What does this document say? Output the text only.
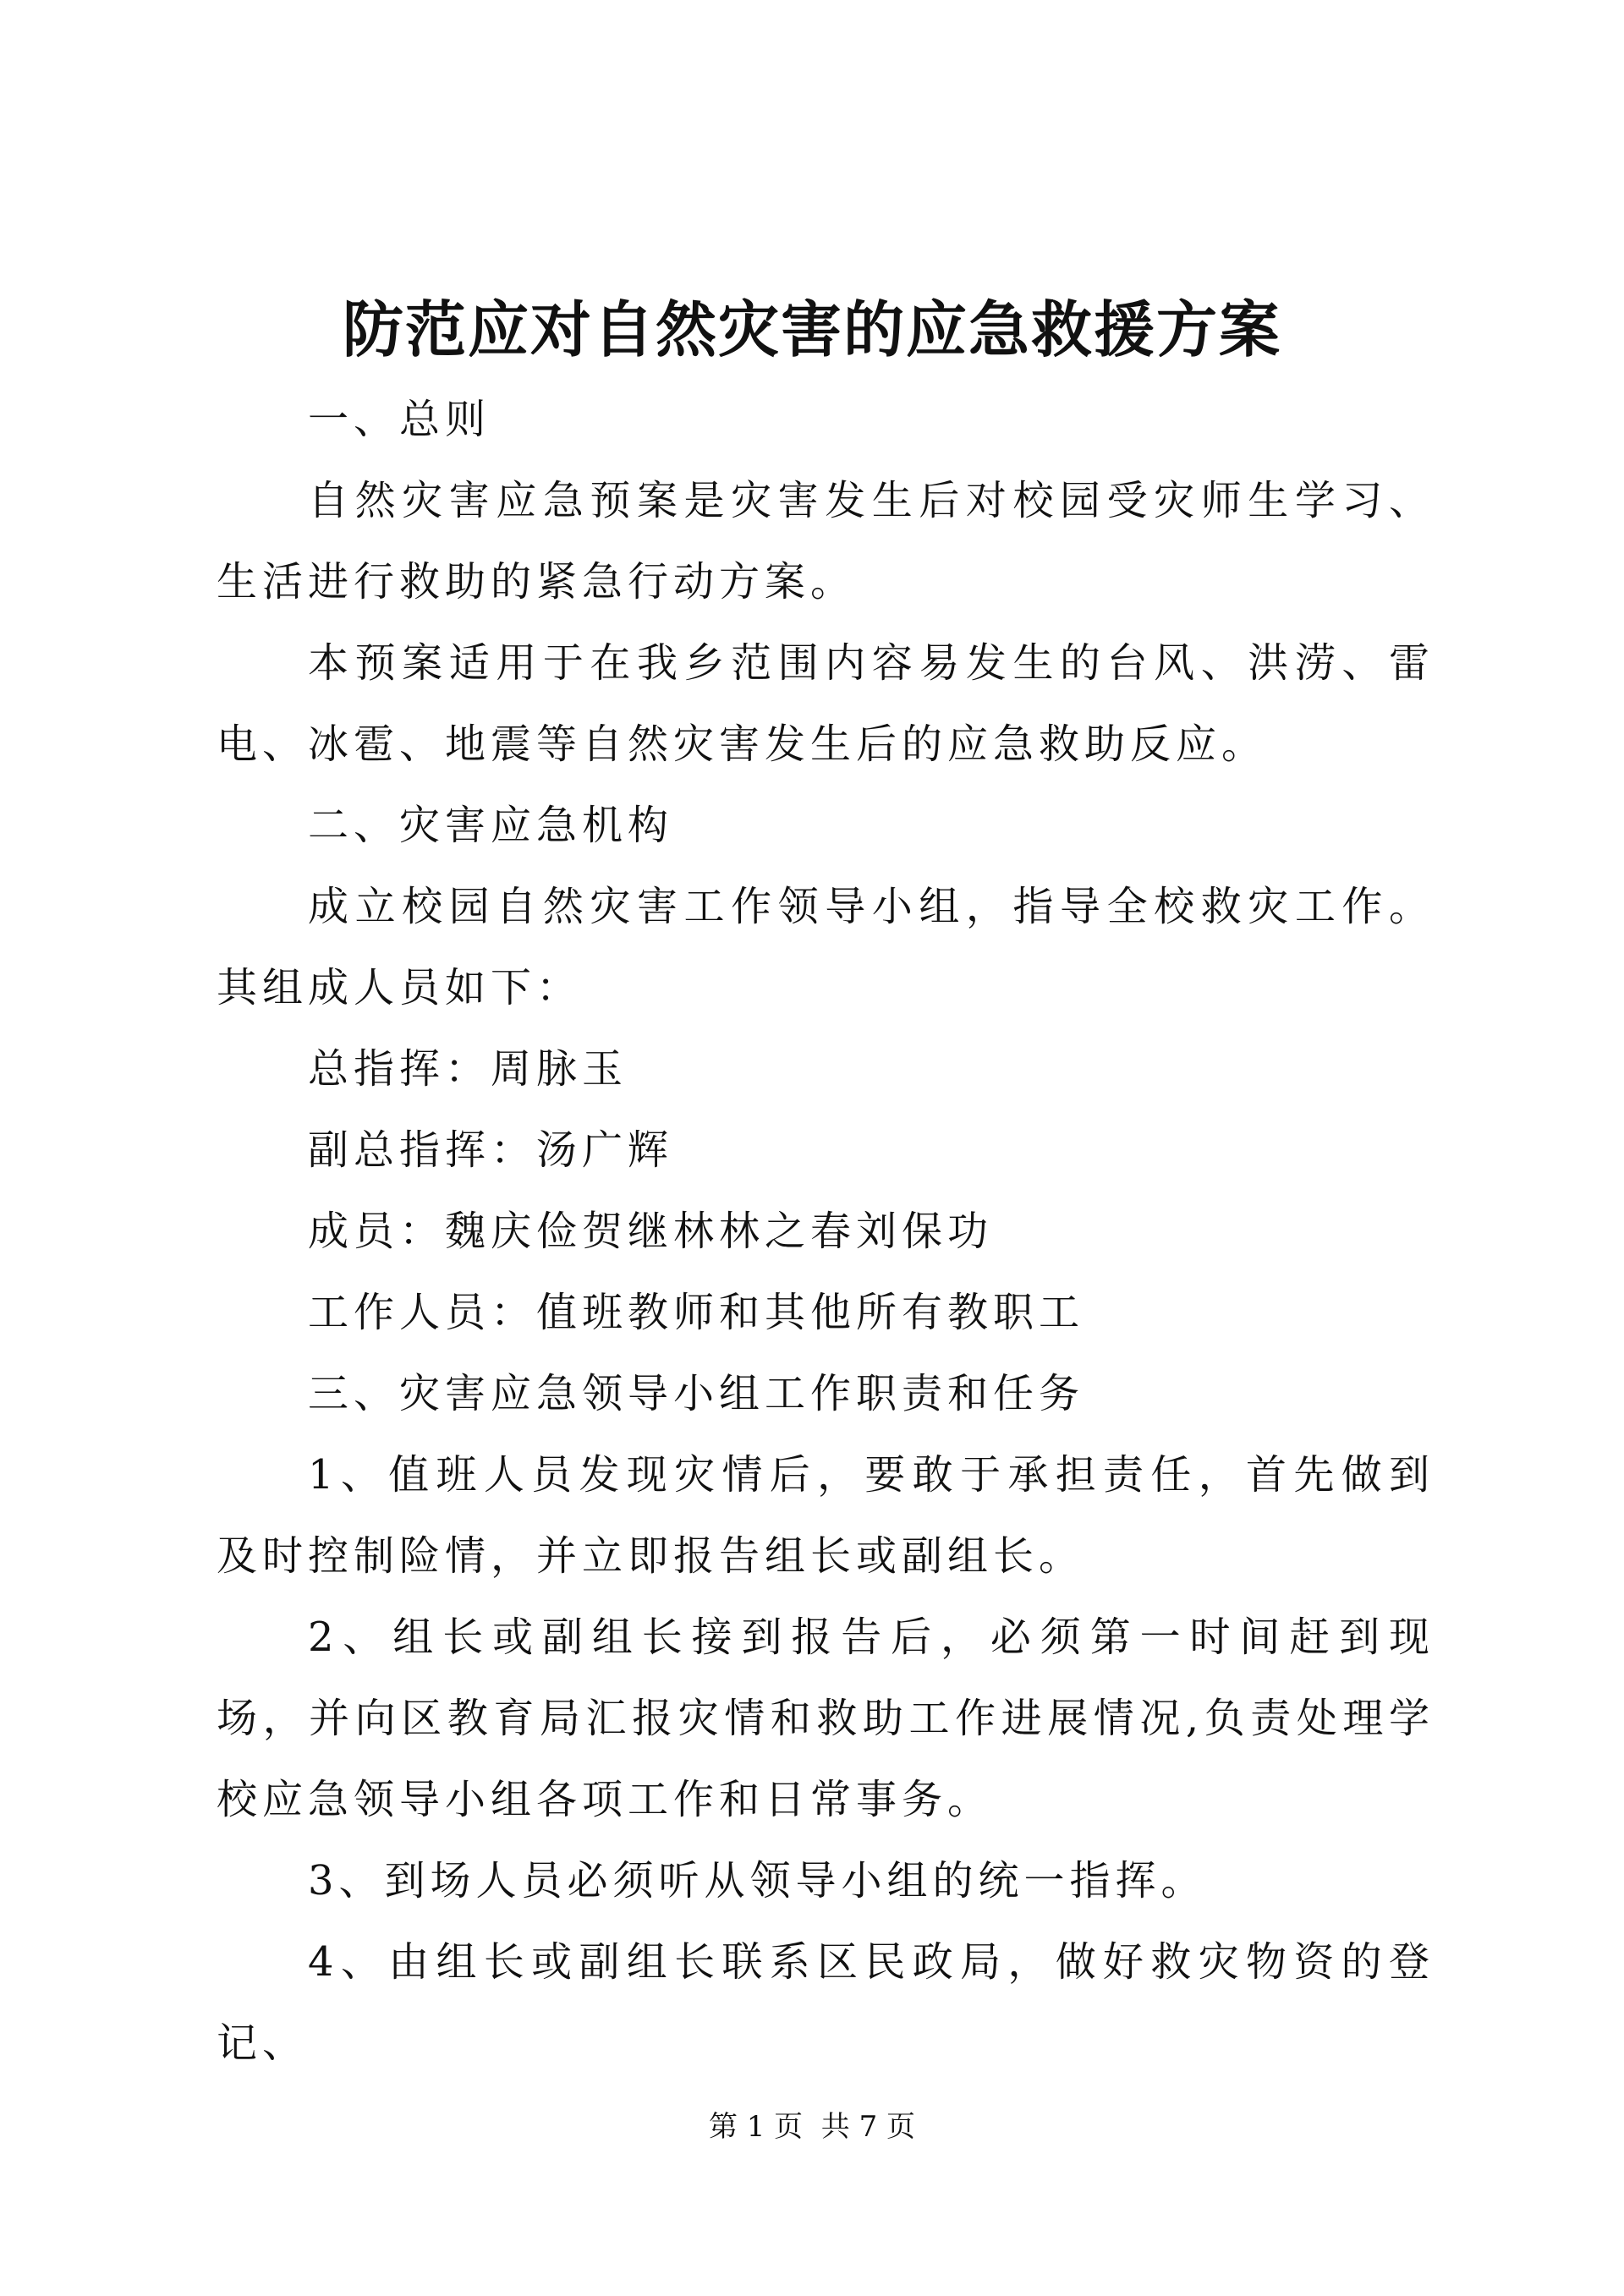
防范应对自然灾害的应急救援方案

一、总则

自然灾害应急预案是灾害发生后对校园受灾师生学习、生活进行救助的紧急行动方案。

本预案适用于在我乡范围内容易发生的台风、洪涝、雷电、冰雹、地震等自然灾害发生后的应急救助反应。

二、灾害应急机构

成立校园自然灾害工作领导小组，指导全校救灾工作。其组成人员如下：

总指挥：周脉玉

副总指挥：汤广辉

成员：魏庆俭贺继林林之春刘保功

工作人员：值班教师和其他所有教职工

三、灾害应急领导小组工作职责和任务

1、值班人员发现灾情后，要敢于承担责任，首先做到及时控制险情，并立即报告组长或副组长。

2、组长或副组长接到报告后，必须第一时间赶到现场，并向区教育局汇报灾情和救助工作进展情况,负责处理学校应急领导小组各项工作和日常事务。

3、到场人员必须听从领导小组的统一指挥。

4、由组长或副组长联系区民政局，做好救灾物资的登记、

第 1 页  共 7 页
